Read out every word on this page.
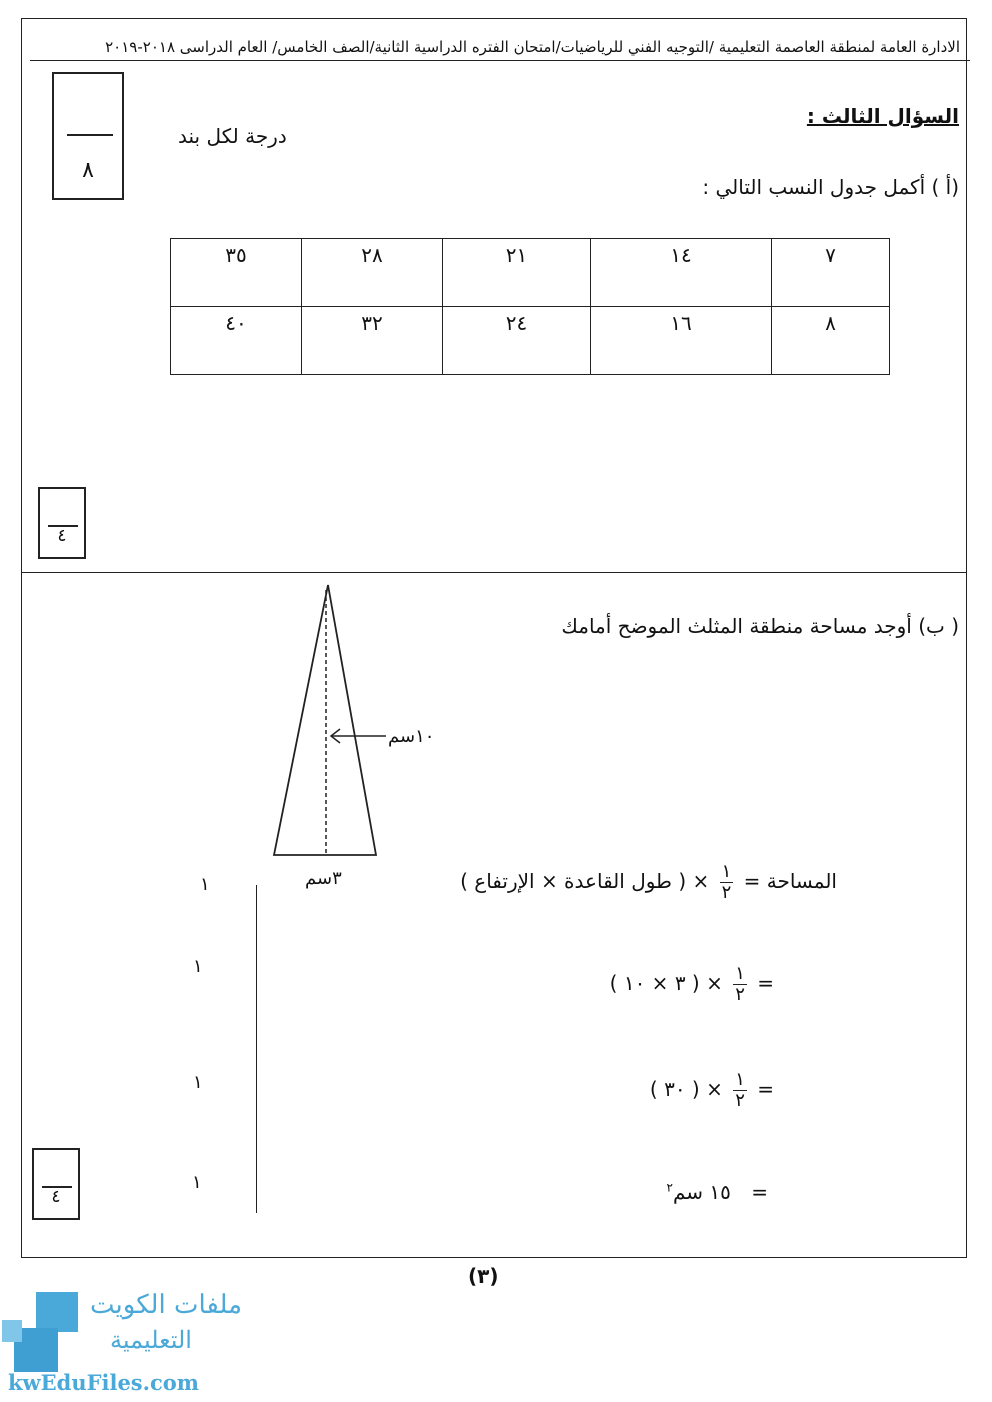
الادارة العامة لمنطقة العاصمة التعليمية /التوجيه الفني للرياضيات/امتحان الفتره الدراسية الثانية/الصف الخامس/ العام الدراسى ٢٠١٨-٢٠١٩
٨
السؤال الثالث :
درجة لكل بند
(أ ) أكمل جدول النسب التالي :
٧	١٤	٢١	٢٨	٣٥
٨	١٦	٢٤	٣٢	٤٠
٤
( ب) أوجد مساحة منطقة المثلث الموضح أمامك
١٠سم
٣سم	المساحة =
$\frac{١}{٢}$
× ( طول القاعدة × الإرتفاع )
١
=
$\frac{١}{٢}$
× ( ٣ × ١٠ )
١
=
$\frac{١}{٢}$
× ( ٣٠ )
١
= ١٥ سم$^٢$
١
٤
(٣)
ملفات الكويت
التعليمية
kwEduFiles.com
